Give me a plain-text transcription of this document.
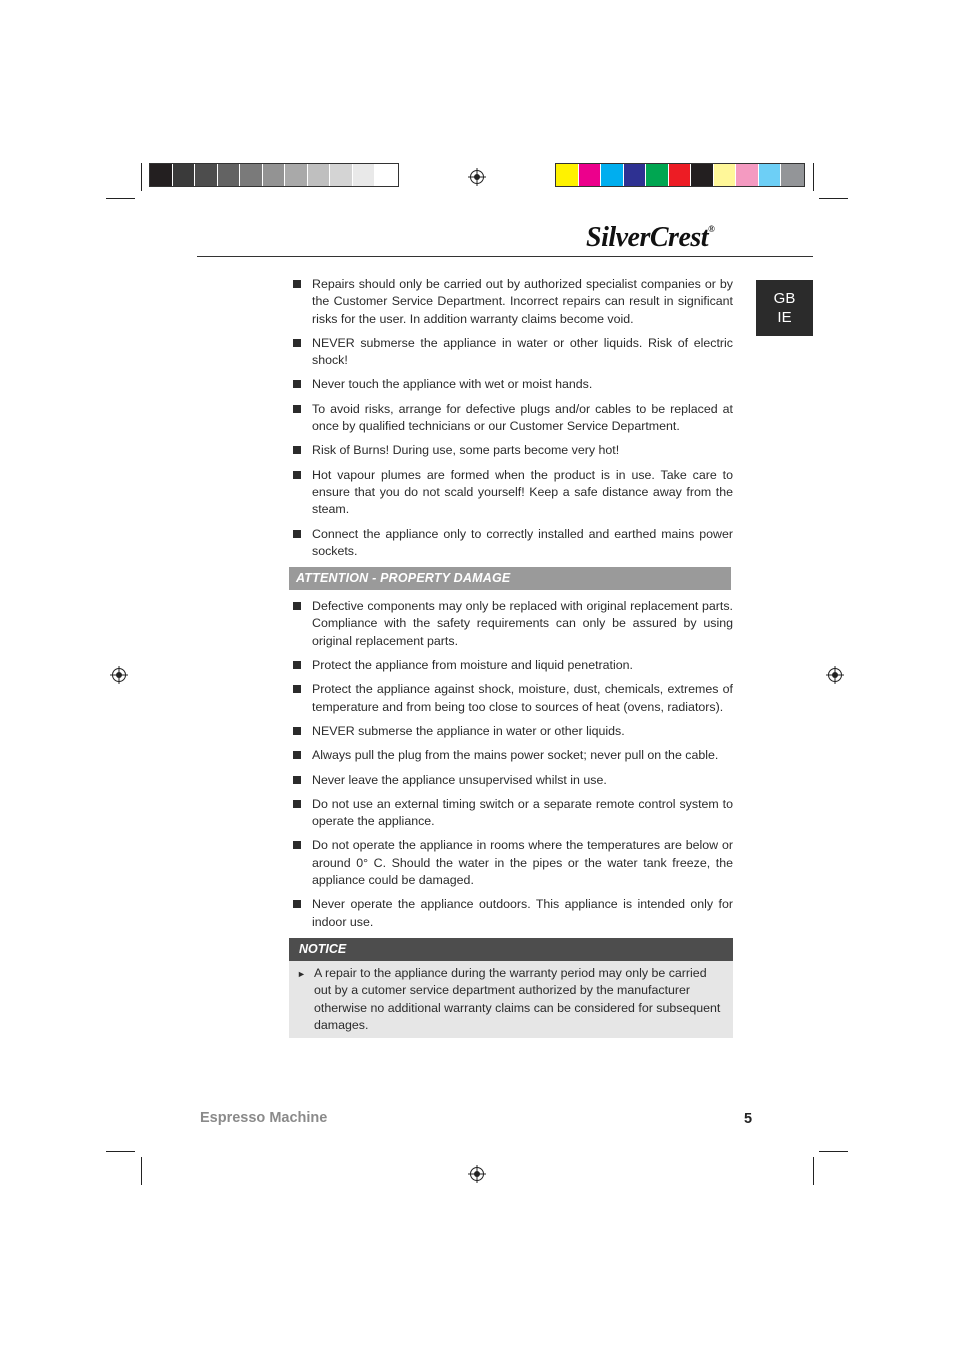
SilverCrest®
GB
IE
Repairs should only be carried out by authorized specialist companies or by the Customer Service Department. Incorrect repairs can result in significant risks for the user. In addition warranty claims become void.
NEVER submerse the appliance in water or other liquids. Risk of electric shock!
Never touch the appliance with wet or moist hands.
To avoid risks, arrange for defective plugs and/or cables to be replaced at once by qualified technicians or our Customer Service Department.
Risk of Burns! During use, some parts become very hot!
Hot vapour plumes are formed when the product is in use. Take care to ensure that you do not scald yourself! Keep a safe distance away from the steam.
Connect the appliance only to correctly installed and earthed mains power sockets.
ATTENTION - PROPERTY DAMAGE
Defective components may only be replaced with original replacement parts. Compliance with the safety requirements can only be assured by using original replacement parts.
Protect the appliance from moisture and liquid penetration.
Protect the appliance against shock, moisture, dust, chemicals, extremes of temperature and from being too close to sources of heat (ovens, radiators).
NEVER submerse the appliance in water or other liquids.
Always pull the plug from the mains power socket; never pull on the cable.
Never leave the appliance unsupervised whilst in use.
Do not use an external timing switch or a separate remote control system to operate the appliance.
Do not operate the appliance in rooms where the temperatures are below or around 0° C. Should the water in the pipes or the water tank freeze, the appliance could be damaged.
Never operate the appliance outdoors. This appliance is intended only for indoor use.
NOTICE
► A repair to the appliance during the warranty period may only be carried out by a cutomer service department authorized by the manufacturer otherwise no additional warranty claims can be considered for subsequent damages.
Espresso Machine	5
